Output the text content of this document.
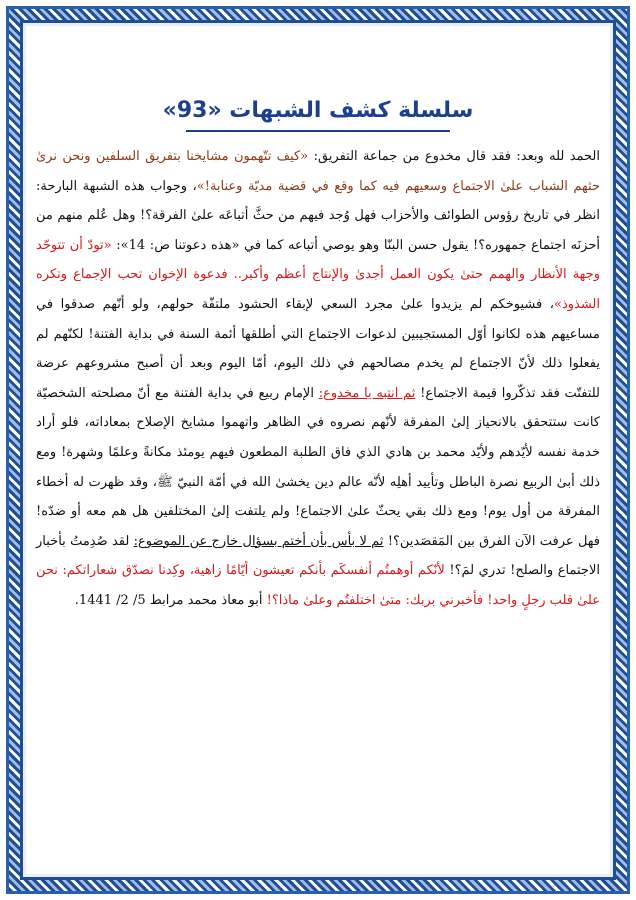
سلسلة كشف الشبهات «93»
الحمد لله وبعد: فقد قال مخدوع من جماعة التفريق: «كيف تتّهمون مشايخنا بتفريق السلفين ونحن نرىٰ حثهم الشباب علىٰ الاجتماع وسعيهم فيه كما وقع في قضية مديّة وعنابة!»، وجواب هذه الشبهة البارحة: انظر في تاريخ رؤوس الطوائف والأحزاب فهل وُجد فيهم من حثَّ أتباعَه علىٰ الفرقة؟! وهل عُلم منهم من أحزنَه اجتماع جمهوره؟! يقول حسن البنّا وهو يوصي أتباعه كما في «هذه دعوتنا ص: 14»: «تودّ أن تتوحّد وجهة الأنظار والهمم حتىٰ يكون العمل أجدىٰ والإنتاج أعظم وأكبر.. فدعوة الإخوان تحب الإجماع وتكره الشذوذ»، فشيوخكم لم يزيدوا علىٰ مجرد السعي لإبقاء الحشود ملتفّة حولهم، ولو أنّهم صدقوا في مساعيهم هذه لكانوا أوّل المستجيبين لدعوات الاجتماع التي أطلقها أئمة السنة في بداية الفتنة! لكنّهم لم يفعلوا ذلك لأنّ الاجتماع لم يخدم مصالحهم في ذلك اليوم، أمّا اليوم وبعد أن أصبح مشروعهم عرضة للتفتّت فقد تذكّروا قيمة الاجتماع! ثم انتبه يا مخدوع: الإمام ربيع في بداية الفتنة مع أنّ مصلحته الشخصيّة كانت ستتحقق بالانحياز إلىٰ المفرقة لأنّهم نصروه في الظاهر واتهموا مشايخ الإصلاح بمعاداته، فلو أراد خدمة نفسه لأيّدهم ولأيّد محمد بن هادي الذي فاق الطلبة المطعون فيهم يومئذ مكانةً وعلمًا وشهرة! ومع ذلك أبىٰ الربيع نصرة الباطل وتأييد أهلِه لأنّه عالم دين يخشىٰ الله في أمّة النبيّ ﷺ، وقد ظهرت له أخطاء المفرقة من أول يوم! ومع ذلك بقي يحثّ علىٰ الاجتماع! ولم يلتفت إلىٰ المختلفين هل هم معه أو ضدّه! فهل عرفت الآن الفرق بين المَقصَدين؟! ثم لا بأس بأن أختم بسؤال خارج عن الموضوع: لقد صُدِمتُ بأخبار الاجتماع والصلح! تدري لمَ؟! لأنّكم أوهمتُم أنفسكَم بأنكم تعيشون أيّامًا زاهية، وكِدنا نصدّق شعاراتكم: نحن علىٰ قلب رجلٍ واحد! فأخبرني بربك: متىٰ اختلفتُم وعلىٰ ماذا؟! أبو معاذ محمد مرابط 5/ 2/ 1441.
